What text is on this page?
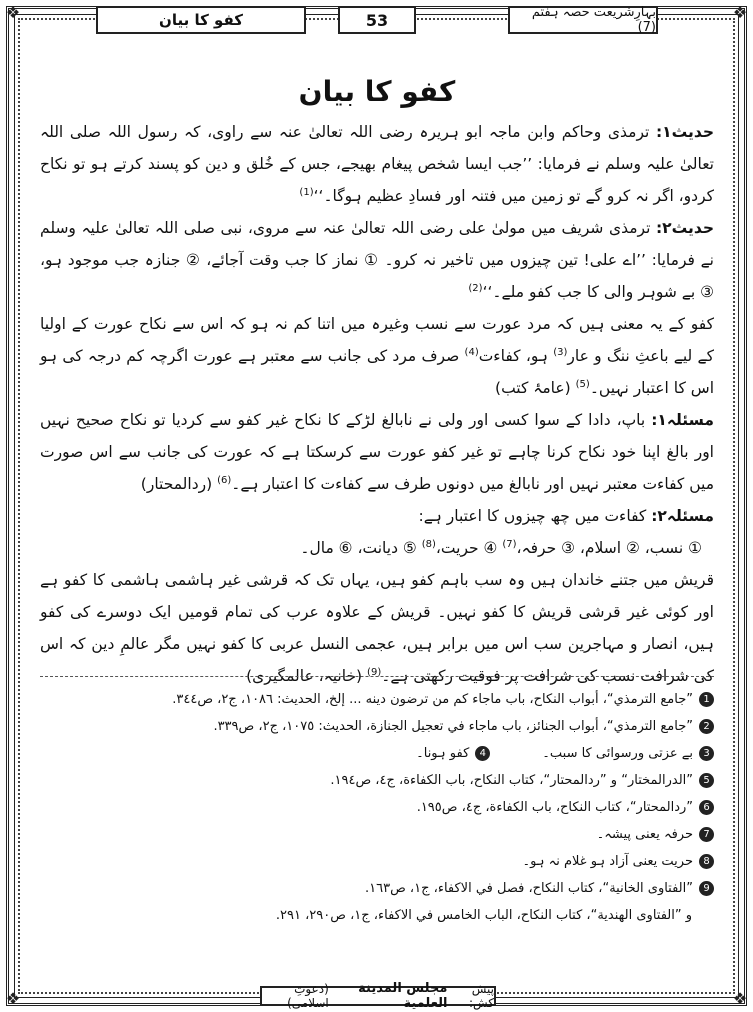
❖	❖
❖	❖
کفو کا بیان	53	بہارِشریعت حصہ ہفتم (7)
کفو کا بیان

حدیث۱: ترمذی وحاکم وابن ماجہ ابو ہریرہ رضی اللہ تعالیٰ عنہ سے راوی، کہ رسول اللہ صلی اللہ تعالیٰ علیہ وسلم نے فرمایا: ’’جب ایسا شخص پیغام بھیجے، جس کے خُلق و دین کو پسند کرتے ہو تو نکاح کردو، اگر نہ کرو گے تو زمین میں فتنہ اور فسادِ عظیم ہوگا۔‘‘$^{(1)}$

حدیث۲: ترمذی شریف میں مولیٰ علی رضی اللہ تعالیٰ عنہ سے مروی، نبی صلی اللہ تعالیٰ علیہ وسلم نے فرمایا: ’’اے علی! تین چیزوں میں تاخیر نہ کرو۔ ① نماز کا جب وقت آجائے، ② جنازہ جب موجود ہو، ③ بے شوہر والی کا جب کفو ملے۔‘‘$^{(2)}$

کفو کے یہ معنی ہیں کہ مرد عورت سے نسب وغیرہ میں اتنا کم نہ ہو کہ اس سے نکاح عورت کے اولیا کے لیے باعثِ ننگ و عار$^{(3)}$ ہو، کفاءت$^{(4)}$ صرف مرد کی جانب سے معتبر ہے عورت اگرچہ کم درجہ کی ہو اس کا اعتبار نہیں۔$^{(5)}$ (عامۂ کتب)

مسئلہ۱: باپ، دادا کے سوا کسی اور ولی نے نابالغ لڑکے کا نکاح غیر کفو سے کردیا تو نکاح صحیح نہیں اور بالغ اپنا خود نکاح کرنا چاہے تو غیر کفو عورت سے کرسکتا ہے کہ عورت کی جانب سے اس صورت میں کفاءت معتبر نہیں اور نابالغ میں دونوں طرف سے کفاءت کا اعتبار ہے۔$^{(6)}$ (ردالمحتار)

مسئلہ۲: کفاءت میں چھ چیزوں کا اعتبار ہے:

① نسب، ② اسلام، ③ حرفہ،$^{(7)}$ ④ حریت،$^{(8)}$ ⑤ دیانت، ⑥ مال۔

قریش میں جتنے خاندان ہیں وہ سب باہم کفو ہیں، یہاں تک کہ قرشی غیر ہاشمی ہاشمی کا کفو ہے اور کوئی غیر قرشی قریش کا کفو نہیں۔ قریش کے علاوہ عرب کی تمام قومیں ایک دوسرے کی کفو ہیں، انصار و مہاجرین سب اس میں برابر ہیں، عجمی النسل عربی کا کفو نہیں مگر عالمِ دین کہ اس کی شرافت نسب کی شرافت پر فوقیت رکھتی ہے۔$^{(9)}$ (خانیہ، عالمگیری)

1
”جامع الترمذي“، أبواب النكاح، باب ماجاء كم من ترضون دينه ... إلخ، الحديث: ١٠٨٦، ج٢، ص٣٤٤.
2
”جامع الترمذي“، أبواب الجنائز، باب ماجاء في تعجيل الجنازة، الحديث: ١٠٧٥، ج٢، ص٣٣٩.
3
بے عزتی ورسوائی کا سبب۔
4
کفو ہونا۔
5
”الدرالمختار“ و ”ردالمحتار“، كتاب النكاح، باب الكفاءة، ج٤، ص١٩٤.
6
”ردالمحتار“، كتاب النكاح، باب الكفاءة، ج٤، ص١٩٥.
7
حرفہ یعنی پیشہ۔
8
حریت یعنی آزاد ہو غلام نہ ہو۔
9
”الفتاوى الخانية“، كتاب النكاح، فصل في الاكفاء، ج١، ص١٦٣.
و ”الفتاوى الهندية“، كتاب النكاح، الباب الخامس في الاكفاء، ج١، ص٢٩٠، ٢٩١.
پیش کش:
مجلس المدينة العلمية
(دعوتِ اسلامی)
